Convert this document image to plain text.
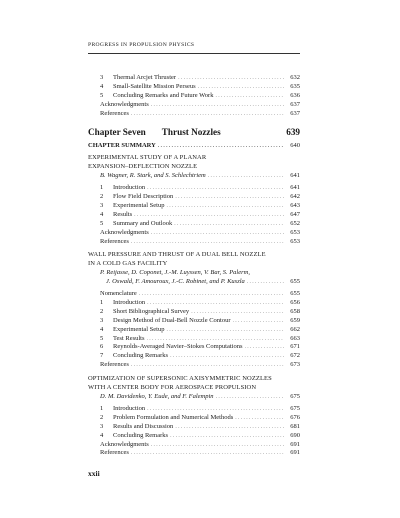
PROGRESS IN PROPULSION PHYSICS
3	Thermal Arcjet Thruster . . .	632
4	Small-Satellite Mission Perseus . . .	635
5	Concluding Remarks and Future Work . . .	636
Acknowledgments . . .	637
References . . .	637
Chapter Seven Thrust Nozzles	639
CHAPTER SUMMARY . . .	640
EXPERIMENTAL STUDY OF A PLANAR
EXPANSION–DEFLECTION NOZZLE
B. Wagner, R. Stark, and S. Schlechtriem . . .	641
1	Introduction . . .	641
2	Flow Field Description . . .	642
3	Experimental Setup . . .	643
4	Results . . .	647
5	Summary and Outlook . . .	652
Acknowledgments . . .	653
References . . .	653
WALL PRESSURE AND THRUST OF A DUAL BELL NOZZLE
IN A COLD GAS FACILITY
P. Reijasse, D. Coponet, J.-M. Luyssen, V. Bar, S. Palerm,
J. Oswald, F. Amouroux, J.-C. Robinet, and P. Kuszla . . .	655
Nomenclature . . .	655
1	Introduction . . .	656
2	Short Bibliographical Survey . . .	658
3	Design Method of Dual-Bell Nozzle Contour . . .	659
4	Experimental Setup . . .	662
5	Test Results . . .	663
6	Reynolds-Averaged Navier–Stokes Computations . . .	671
7	Concluding Remarks . . .	672
References . . .	673
OPTIMIZATION OF SUPERSONIC AXISYMMETRIC NOZZLES
WITH A CENTER BODY FOR AEROSPACE PROPULSION
D. M. Davidenko, Y. Eude, and F. Falempin . . .	675
1	Introduction . . .	675
2	Problem Formulation and Numerical Methods . . .	676
3	Results and Discussion . . .	681
4	Concluding Remarks . . .	690
Acknowledgments . . .	691
References . . .	691
xxii
